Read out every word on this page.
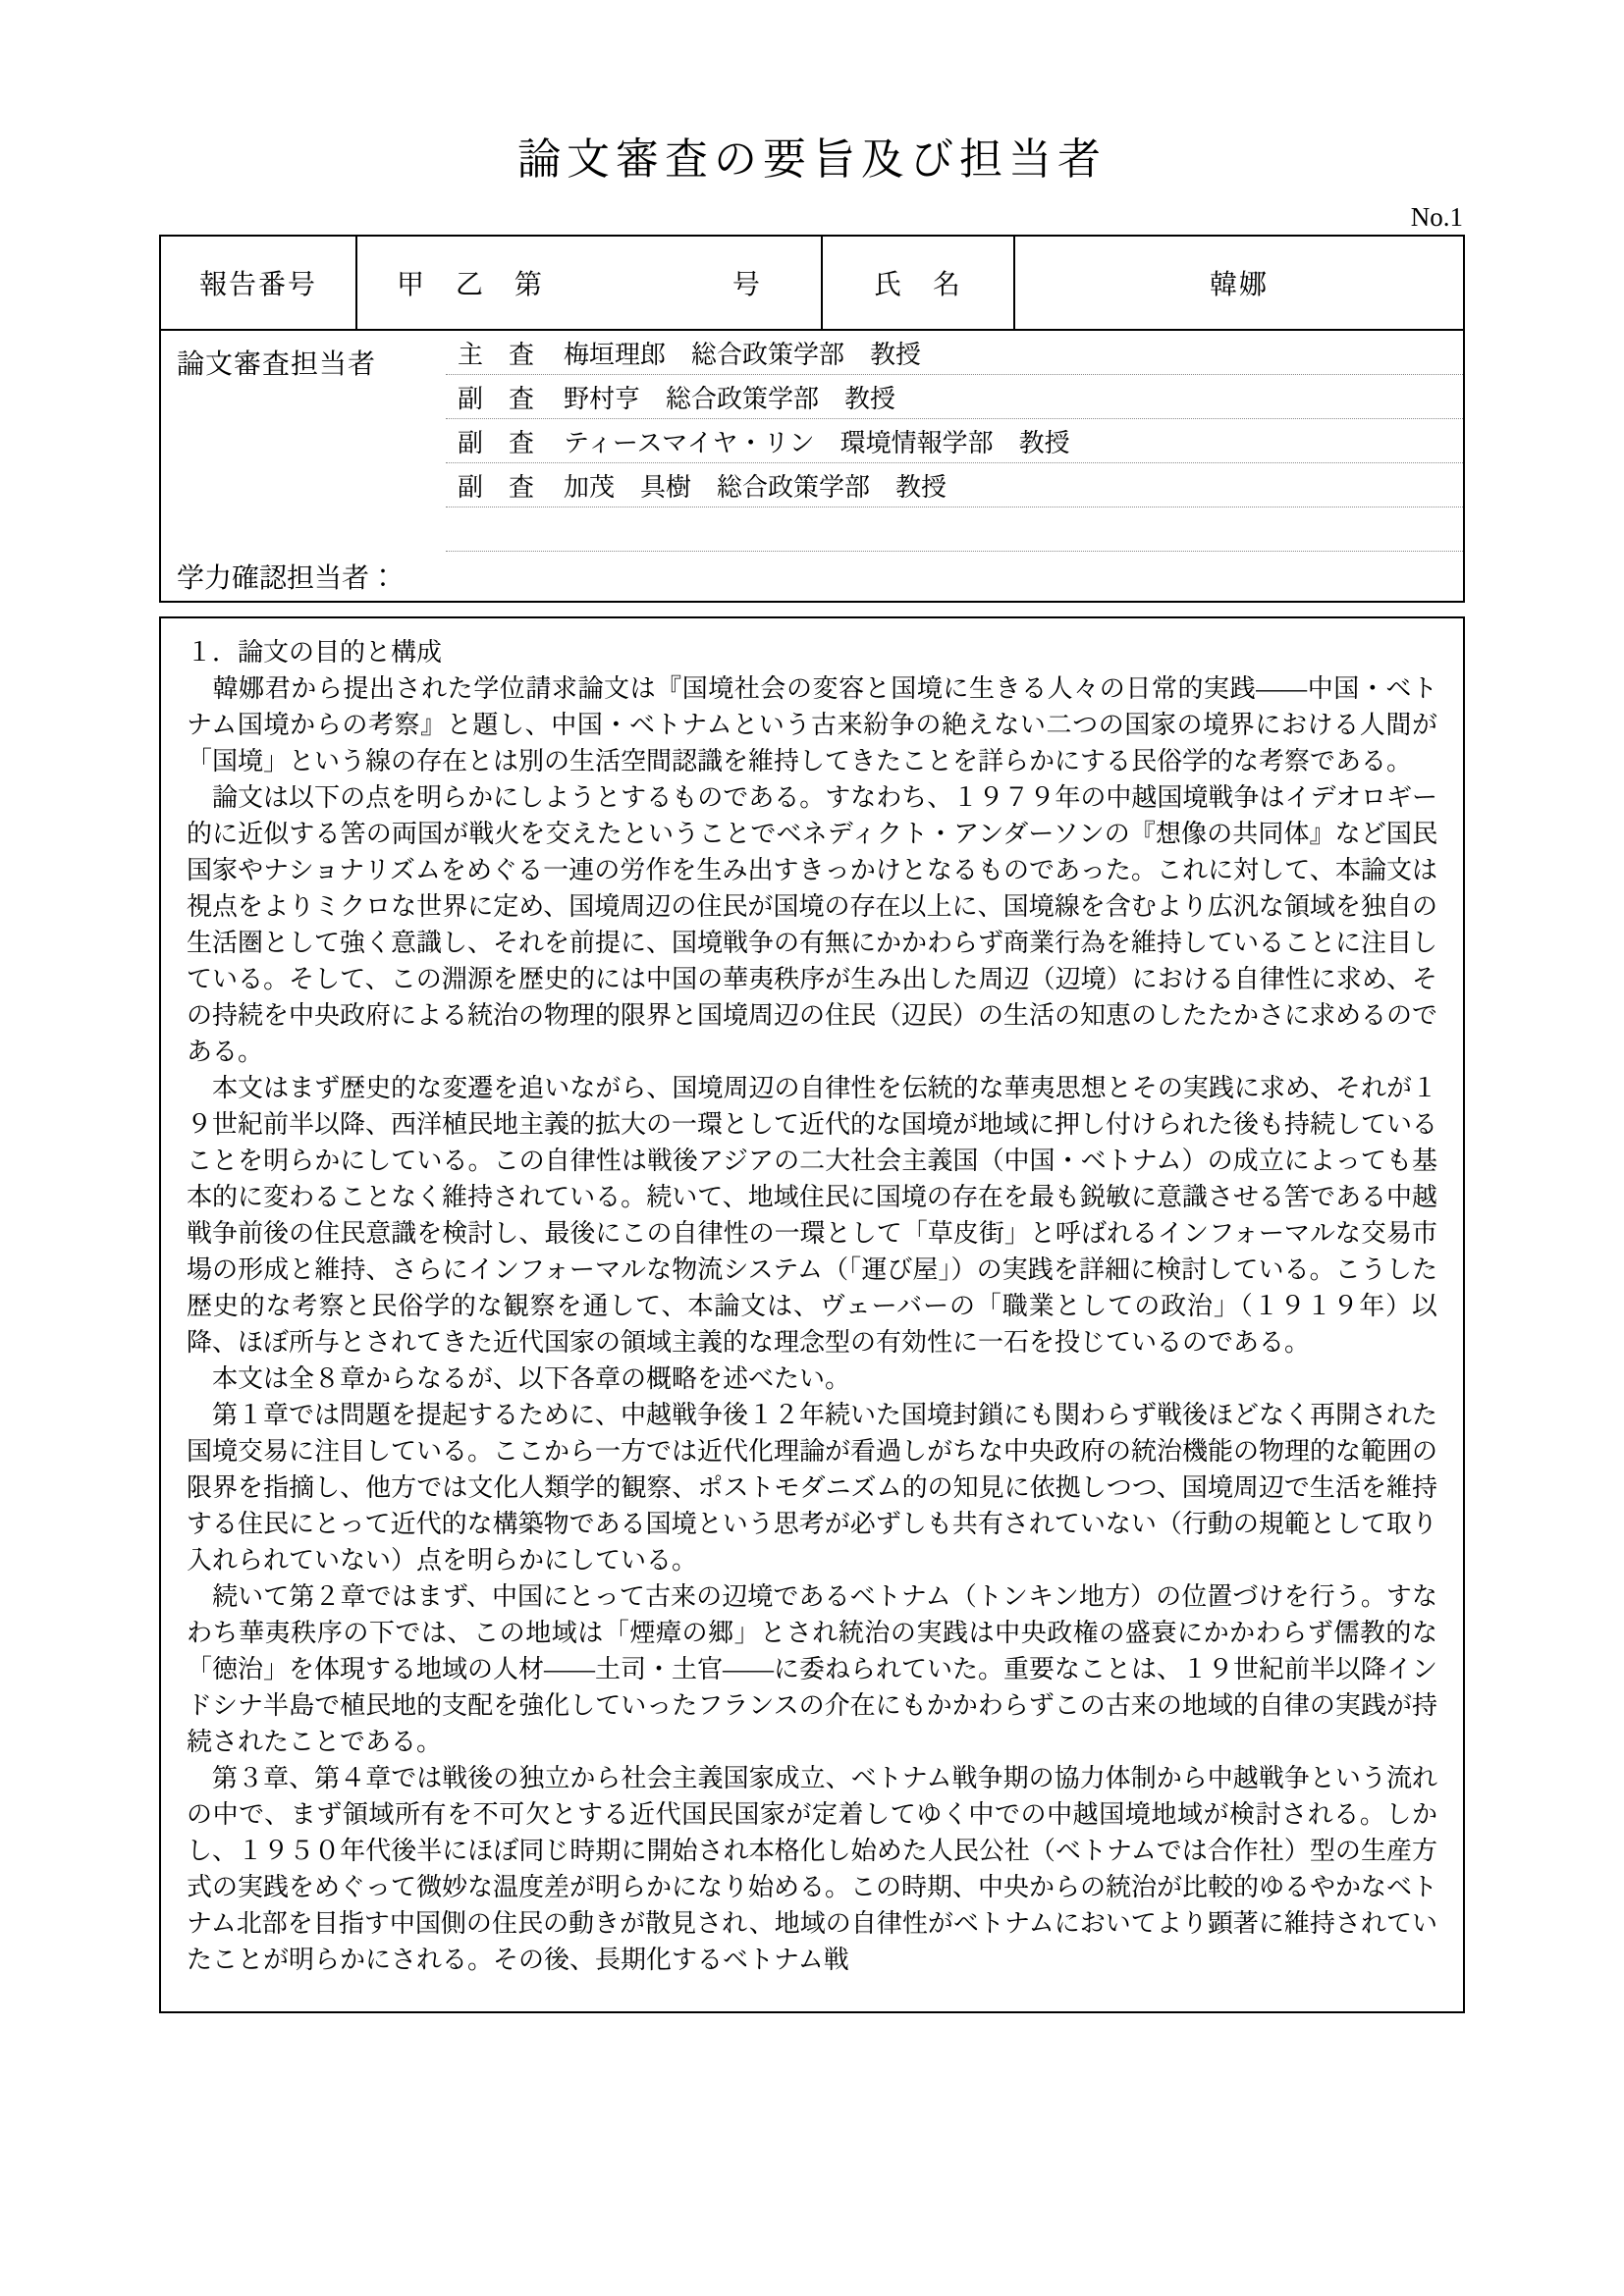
論文審査の要旨及び担当者
No.1
報告番号	甲　乙　第	号	氏　名	韓娜
論文審査担当者	主　査 梅垣理郎　総合政策学部　教授
副　査 野村亨　総合政策学部　教授
副　査 ティースマイヤ・リン　環境情報学部　教授
副　査 加茂　具樹　総合政策学部　教授
学力確認担当者：
１．論文の目的と構成

　韓娜君から提出された学位請求論文は『国境社会の変容と国境に生きる人々の日常的実践――中国・ベトナム国境からの考察』と題し、中国・ベトナムという古来紛争の絶えない二つの国家の境界における人間が「国境」という線の存在とは別の生活空間認識を維持してきたことを詳らかにする民俗学的な考察である。

　論文は以下の点を明らかにしようとするものである。すなわち、１９７９年の中越国境戦争はイデオロギー的に近似する筈の両国が戦火を交えたということでベネディクト・アンダーソンの『想像の共同体』など国民国家やナショナリズムをめぐる一連の労作を生み出すきっかけとなるものであった。これに対して、本論文は視点をよりミクロな世界に定め、国境周辺の住民が国境の存在以上に、国境線を含むより広汎な領域を独自の生活圏として強く意識し、それを前提に、国境戦争の有無にかかわらず商業行為を維持していることに注目している。そして、この淵源を歴史的には中国の華夷秩序が生み出した周辺（辺境）における自律性に求め、その持続を中央政府による統治の物理的限界と国境周辺の住民（辺民）の生活の知恵のしたたかさに求めるのである。

　本文はまず歴史的な変遷を追いながら、国境周辺の自律性を伝統的な華夷思想とその実践に求め、それが１９世紀前半以降、西洋植民地主義的拡大の一環として近代的な国境が地域に押し付けられた後も持続していることを明らかにしている。この自律性は戦後アジアの二大社会主義国（中国・ベトナム）の成立によっても基本的に変わることなく維持されている。続いて、地域住民に国境の存在を最も鋭敏に意識させる筈である中越戦争前後の住民意識を検討し、最後にこの自律性の一環として「草皮街」と呼ばれるインフォーマルな交易市場の形成と維持、さらにインフォーマルな物流システム（「運び屋」）の実践を詳細に検討している。こうした歴史的な考察と民俗学的な観察を通して、本論文は、ヴェーバーの「職業としての政治」（１９１９年）以降、ほぼ所与とされてきた近代国家の領域主義的な理念型の有効性に一石を投じているのである。

　本文は全８章からなるが、以下各章の概略を述べたい。

　第１章では問題を提起するために、中越戦争後１２年続いた国境封鎖にも関わらず戦後ほどなく再開された国境交易に注目している。ここから一方では近代化理論が看過しがちな中央政府の統治機能の物理的な範囲の限界を指摘し、他方では文化人類学的観察、ポストモダニズム的の知見に依拠しつつ、国境周辺で生活を維持する住民にとって近代的な構築物である国境という思考が必ずしも共有されていない（行動の規範として取り入れられていない）点を明らかにしている。

　続いて第２章ではまず、中国にとって古来の辺境であるベトナム（トンキン地方）の位置づけを行う。すなわち華夷秩序の下では、この地域は「煙瘴の郷」とされ統治の実践は中央政権の盛衰にかかわらず儒教的な「徳治」を体現する地域の人材――土司・土官――に委ねられていた。重要なことは、１９世紀前半以降インドシナ半島で植民地的支配を強化していったフランスの介在にもかかわらずこの古来の地域的自律の実践が持続されたことである。

　第３章、第４章では戦後の独立から社会主義国家成立、ベトナム戦争期の協力体制から中越戦争という流れの中で、まず領域所有を不可欠とする近代国民国家が定着してゆく中での中越国境地域が検討される。しかし、１９５０年代後半にほぼ同じ時期に開始され本格化し始めた人民公社（ベトナムでは合作社）型の生産方式の実践をめぐって微妙な温度差が明らかになり始める。この時期、中央からの統治が比較的ゆるやかなベトナム北部を目指す中国側の住民の動きが散見され、地域の自律性がベトナムにおいてより顕著に維持されていたことが明らかにされる。その後、長期化するベトナム戦
